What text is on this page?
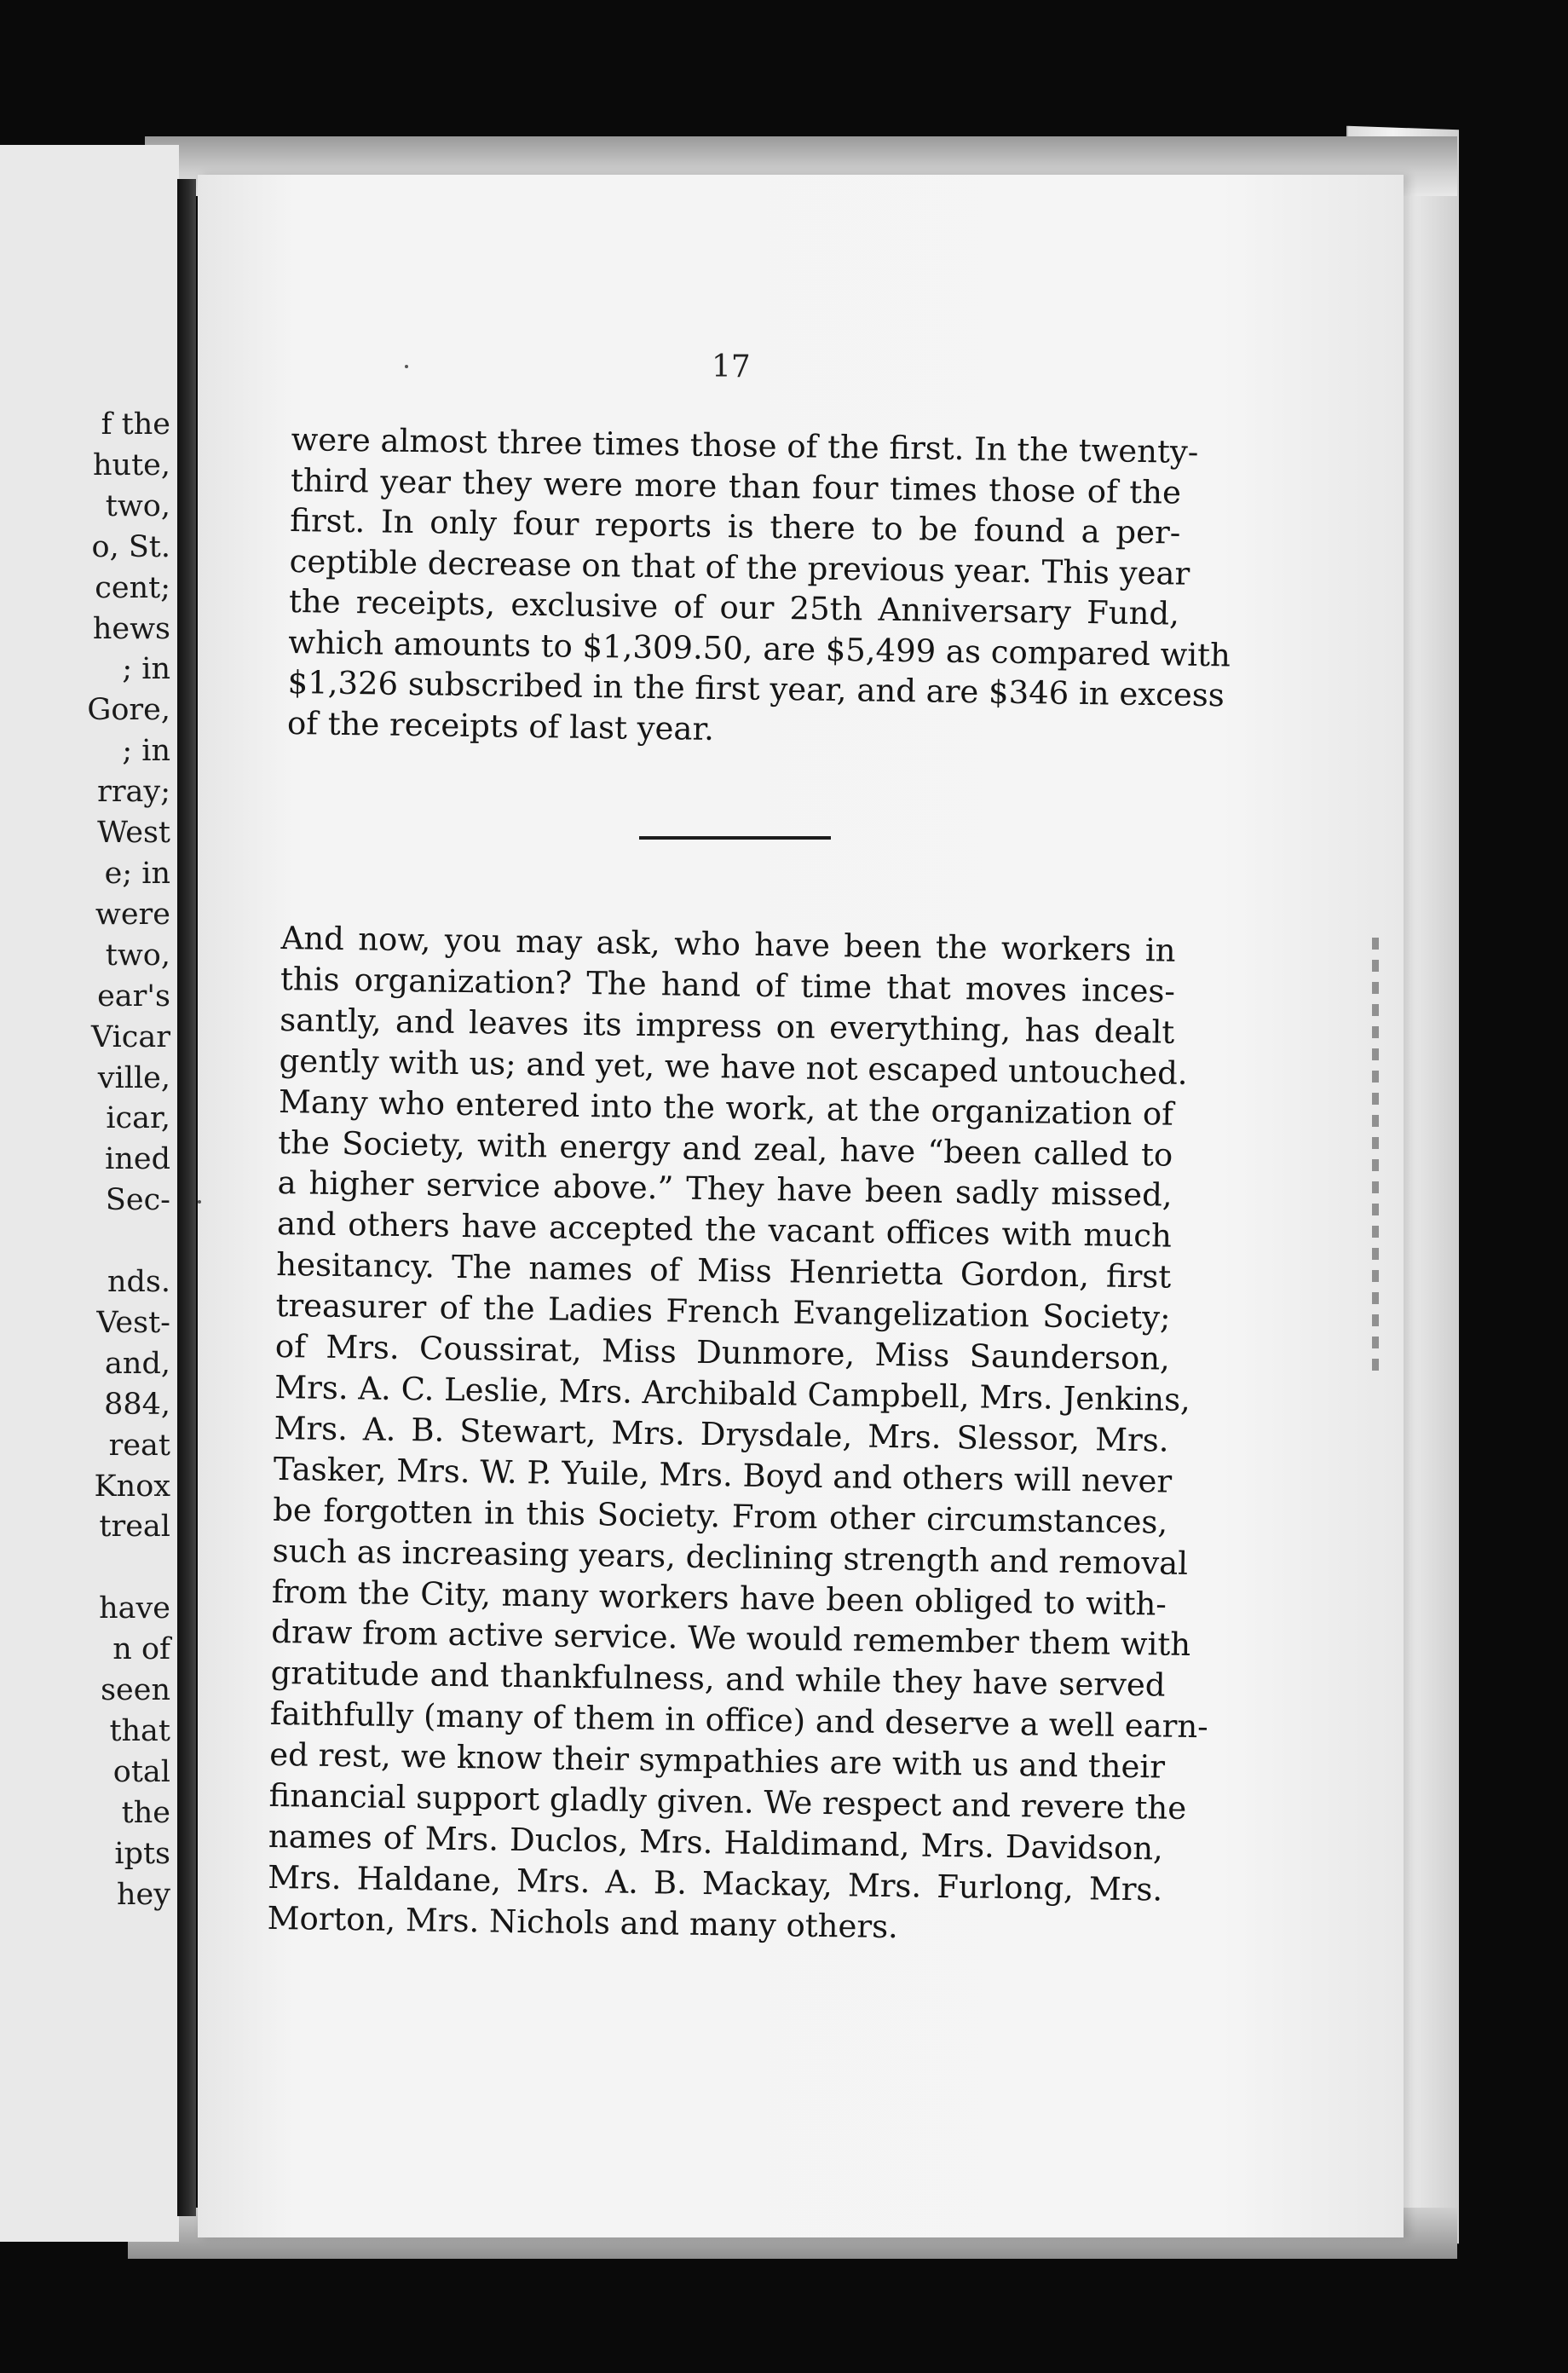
f the
hute,
two,
o, St.
cent;
hews
; in
Gore,
; in
rray;
West
e; in
were
two,
ear's
Vicar
ville,
icar,
ined
Sec-

nds.
Vest-
and,
884,
reat
Knox
treal

have
n of
seen
that
otal
the
ipts
hey
17
were almost three times those of the first. In the twenty-
third year they were more than four times those of the
first. In only four reports is there to be found a per-
ceptible decrease on that of the previous year. This year
the receipts, exclusive of our 25th Anniversary Fund,
which amounts to $1,309.50, are $5,499 as compared with
$1,326 subscribed in the first year, and are $346 in excess
of the receipts of last year.
And now, you may ask, who have been the workers in
this organization? The hand of time that moves inces-
santly, and leaves its impress on everything, has dealt
gently with us; and yet, we have not escaped untouched.
Many who entered into the work, at the organization of
the Society, with energy and zeal, have “been called to
a higher service above.” They have been sadly missed,
and others have accepted the vacant offices with much
hesitancy. The names of Miss Henrietta Gordon, first
treasurer of the Ladies French Evangelization Society;
of Mrs. Coussirat, Miss Dunmore, Miss Saunderson,
Mrs. A. C. Leslie, Mrs. Archibald Campbell, Mrs. Jenkins,
Mrs. A. B. Stewart, Mrs. Drysdale, Mrs. Slessor, Mrs.
Tasker, Mrs. W. P. Yuile, Mrs. Boyd and others will never
be forgotten in this Society. From other circumstances,
such as increasing years, declining strength and removal
from the City, many workers have been obliged to with-
draw from active service. We would remember them with
gratitude and thankfulness, and while they have served
faithfully (many of them in office) and deserve a well earn-
ed rest, we know their sympathies are with us and their
financial support gladly given. We respect and revere the
names of Mrs. Duclos, Mrs. Haldimand, Mrs. Davidson,
Mrs. Haldane, Mrs. A. B. Mackay, Mrs. Furlong, Mrs.
Morton, Mrs. Nichols and many others.
